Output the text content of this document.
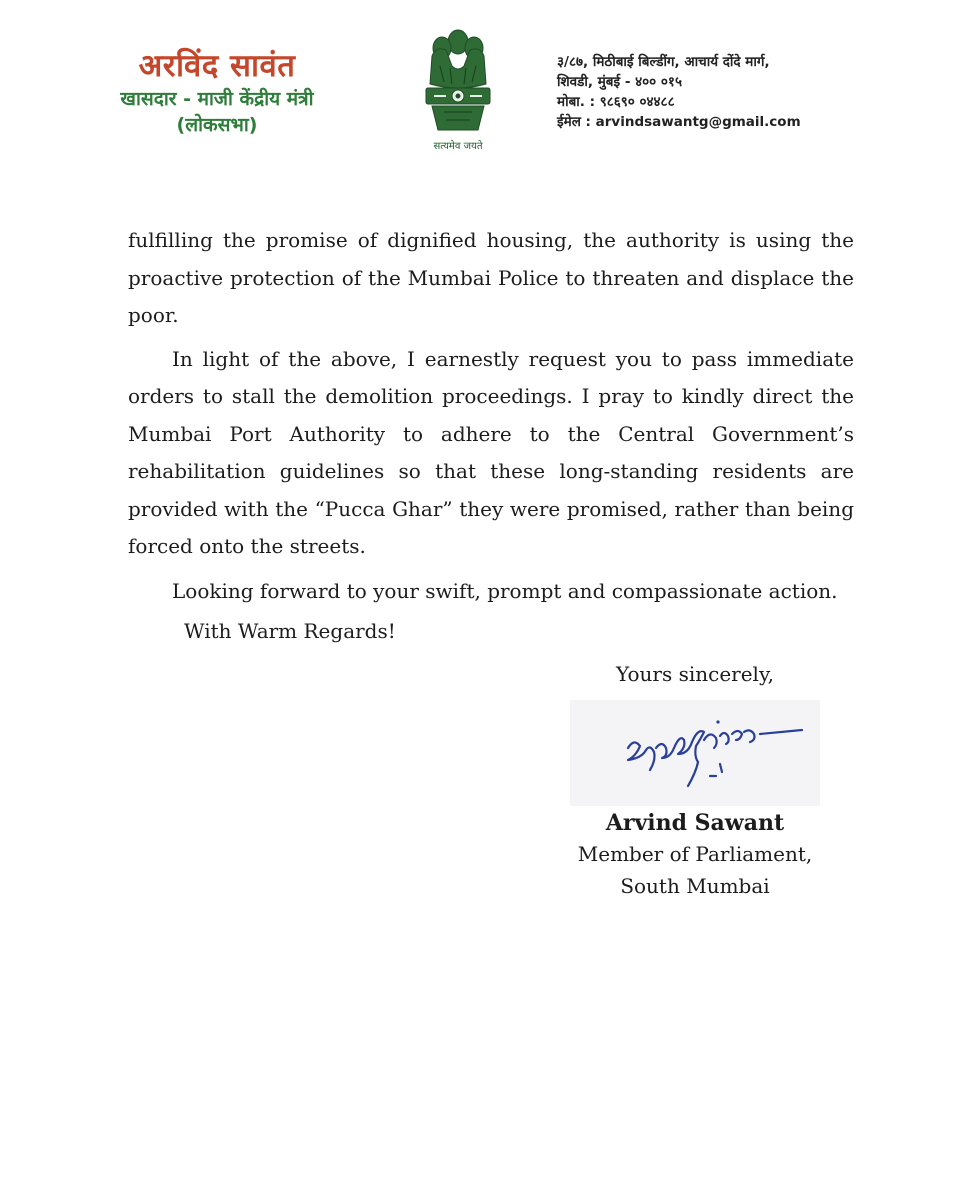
अरविंद सावंत
खासदार - माजी केंद्रीय मंत्री
(लोकसभा)
सत्यमेव जयते
३/८७, मिठीबाई बिल्डींग, आचार्य दोंदे मार्ग,
शिवडी, मुंबई - ४०० ०१५
मोबा. : ९८६९० ०४४८८
ईमेल : arvindsawantg@gmail.com

fulfilling the promise of dignified housing, the authority is using the proactive protection of the Mumbai Police to threaten and displace the poor.

In light of the above, I earnestly request you to pass immediate orders to stall the demolition proceedings. I pray to kindly direct the Mumbai Port Authority to adhere to the Central Government’s rehabilitation guidelines so that these long-standing residents are provided with the “Pucca Ghar” they were promised, rather than being forced onto the streets.

Looking forward to your swift, prompt and compassionate action.

With Warm Regards!
Yours sincerely,
Arvind Sawant
Member of Parliament,
South Mumbai
